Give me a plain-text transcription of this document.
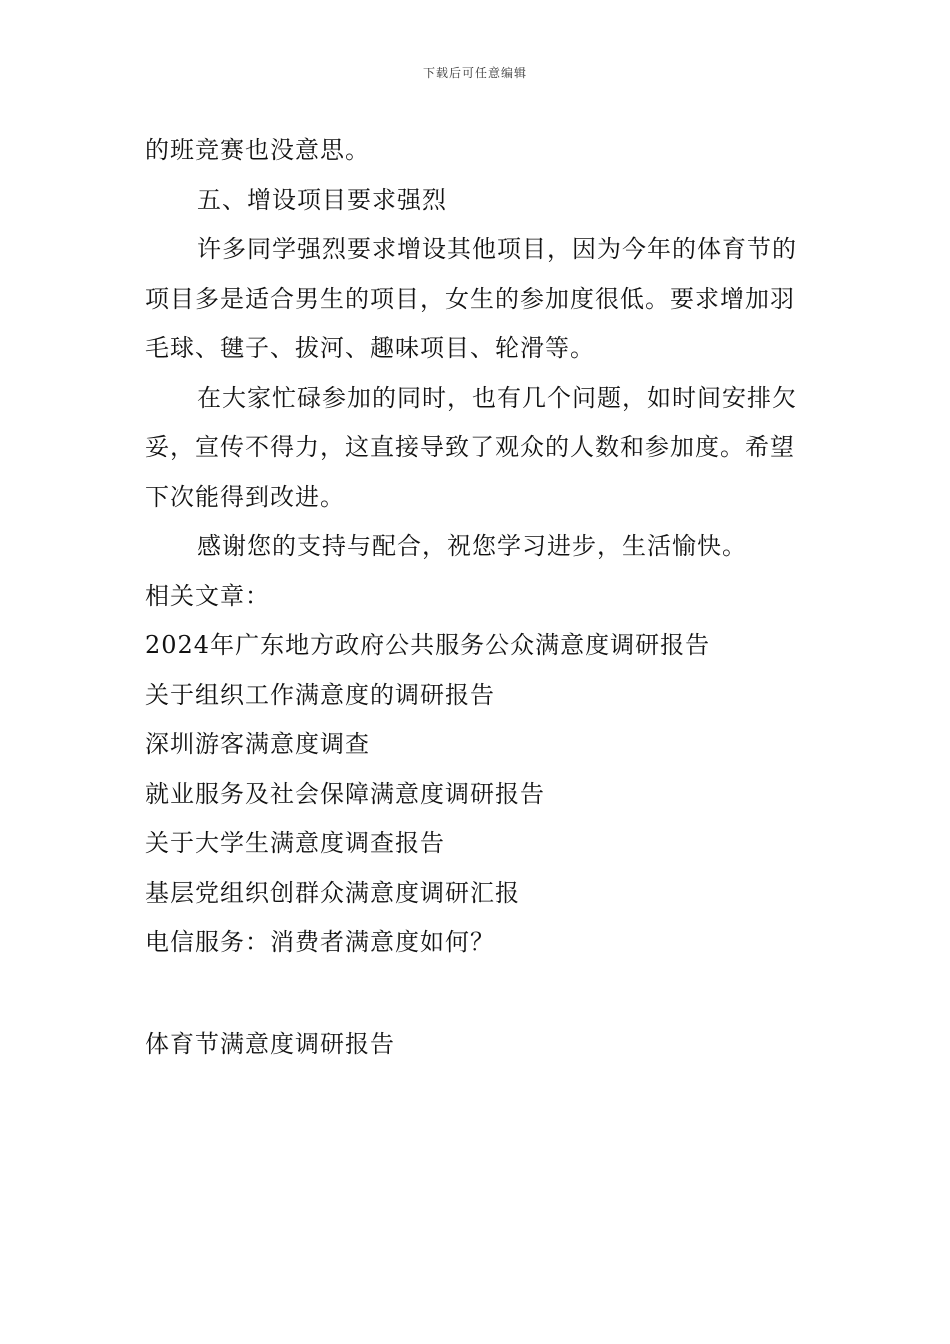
下载后可任意编辑

的班竞赛也没意思。

五、增设项目要求强烈

许多同学强烈要求增设其他项目，因为今年的体育节的项目多是适合男生的项目，女生的参加度很低。要求增加羽毛球、毽子、拔河、趣味项目、轮滑等。

在大家忙碌参加的同时，也有几个问题，如时间安排欠妥，宣传不得力，这直接导致了观众的人数和参加度。希望下次能得到改进。

感谢您的支持与配合，祝您学习进步，生活愉快。

相关文章：

2024年广东地方政府公共服务公众满意度调研报告
关于组织工作满意度的调研报告
深圳游客满意度调查
就业服务及社会保障满意度调研报告
关于大学生满意度调查报告
基层党组织创群众满意度调研汇报
电信服务：消费者满意度如何？
体育节满意度调研报告
